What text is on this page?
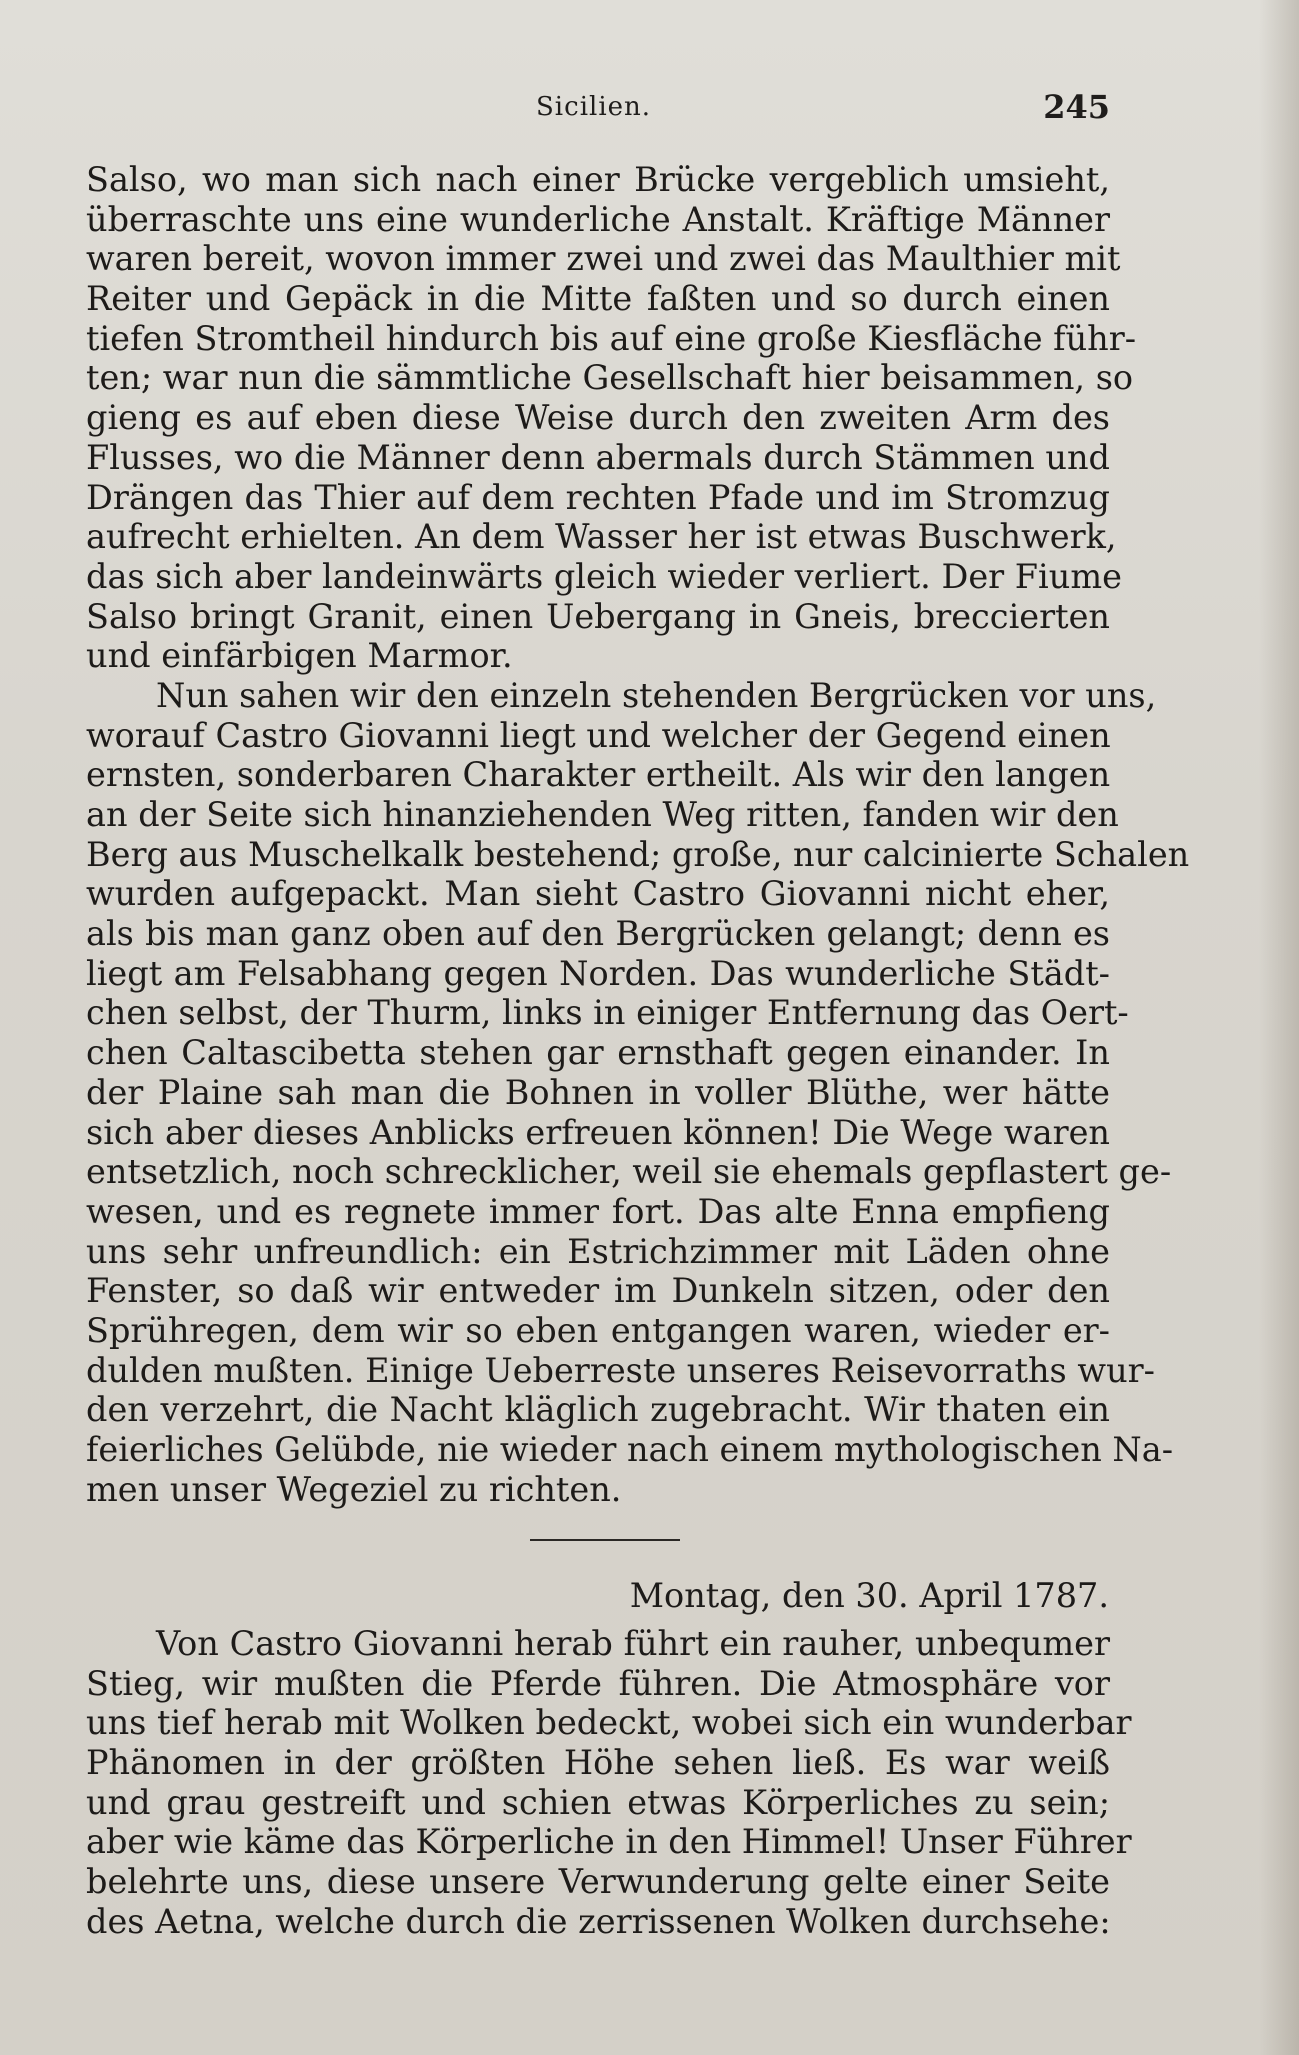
Sicilien.	245
Salso, wo man sich nach einer Brücke vergeblich umsieht,
überraschte uns eine wunderliche Anstalt. Kräftige Männer
waren bereit, wovon immer zwei und zwei das Maulthier mit
Reiter und Gepäck in die Mitte faßten und so durch einen
tiefen Stromtheil hindurch bis auf eine große Kiesfläche führ-
ten; war nun die sämmtliche Gesellschaft hier beisammen, so
gieng es auf eben diese Weise durch den zweiten Arm des
Flusses, wo die Männer denn abermals durch Stämmen und
Drängen das Thier auf dem rechten Pfade und im Stromzug
aufrecht erhielten. An dem Wasser her ist etwas Buschwerk,
das sich aber landeinwärts gleich wieder verliert. Der Fiume
Salso bringt Granit, einen Uebergang in Gneis, breccierten
und einfärbigen Marmor.
Nun sahen wir den einzeln stehenden Bergrücken vor uns,
worauf Castro Giovanni liegt und welcher der Gegend einen
ernsten, sonderbaren Charakter ertheilt. Als wir den langen
an der Seite sich hinanziehenden Weg ritten, fanden wir den
Berg aus Muschelkalk bestehend; große, nur calcinierte Schalen
wurden aufgepackt. Man sieht Castro Giovanni nicht eher,
als bis man ganz oben auf den Bergrücken gelangt; denn es
liegt am Felsabhang gegen Norden. Das wunderliche Städt-
chen selbst, der Thurm, links in einiger Entfernung das Oert-
chen Caltascibetta stehen gar ernsthaft gegen einander. In
der Plaine sah man die Bohnen in voller Blüthe, wer hätte
sich aber dieses Anblicks erfreuen können! Die Wege waren
entsetzlich, noch schrecklicher, weil sie ehemals gepflastert ge-
wesen, und es regnete immer fort. Das alte Enna empfieng
uns sehr unfreundlich: ein Estrichzimmer mit Läden ohne
Fenster, so daß wir entweder im Dunkeln sitzen, oder den
Sprühregen, dem wir so eben entgangen waren, wieder er-
dulden mußten. Einige Ueberreste unseres Reisevorraths wur-
den verzehrt, die Nacht kläglich zugebracht. Wir thaten ein
feierliches Gelübde, nie wieder nach einem mythologischen Na-
men unser Wegeziel zu richten.
Montag, den 30. April 1787.
Von Castro Giovanni herab führt ein rauher, unbequmer
Stieg, wir mußten die Pferde führen. Die Atmosphäre vor
uns tief herab mit Wolken bedeckt, wobei sich ein wunderbar
Phänomen in der größten Höhe sehen ließ. Es war weiß
und grau gestreift und schien etwas Körperliches zu sein;
aber wie käme das Körperliche in den Himmel! Unser Führer
belehrte uns, diese unsere Verwunderung gelte einer Seite
des Aetna, welche durch die zerrissenen Wolken durchsehe:
